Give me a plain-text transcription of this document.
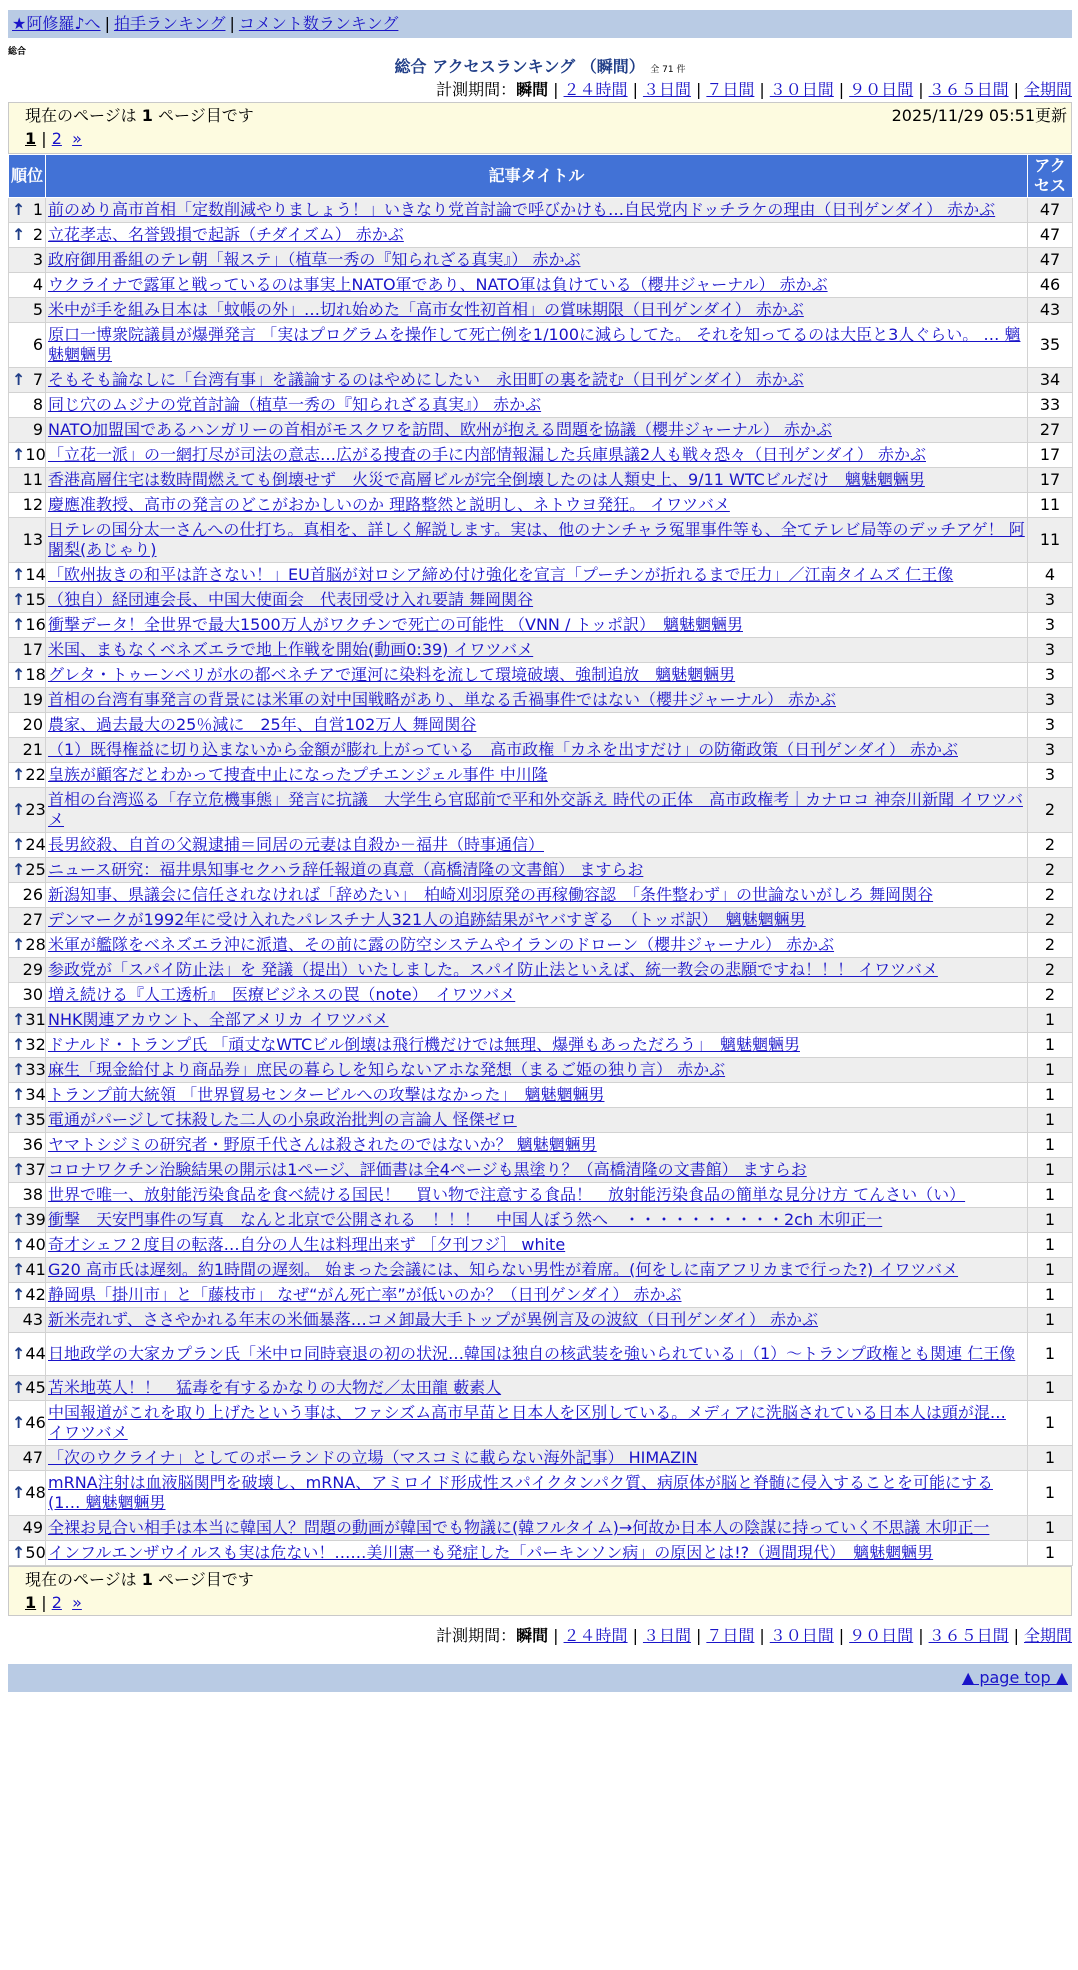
★阿修羅♪へ | 拍手ランキング | コメント数ランキング
総合
総合 アクセスランキング （瞬間） 全 71 件
計測期間：瞬間 | ２４時間 | ３日間 | ７日間 | ３０日間 | ９０日間 | ３６５日間 | 全期間
現在のページは 1 ページ目です	2025/11/29 05:51更新
1 | 2 »
順位	記事タイトル	アクセス

↑ 1	前のめり高市首相「定数削減やりましょう！」いきなり党首討論で呼びかけも…自民党内ドッチラケの理由（日刊ゲンダイ） 赤かぶ	47

↑ 2	立花孝志、名誉毀損で起訴（チダイズム） 赤かぶ	47
3	政府御用番組のテレ朝「報ステ」（植草一秀の『知られざる真実』） 赤かぶ	47
4	ウクライナで露軍と戦っているのは事実上NATO軍であり、NATO軍は負けている（櫻井ジャーナル） 赤かぶ	46
5	米中が手を組み日本は「蚊帳の外」…切れ始めた「高市女性初首相」の賞味期限（日刊ゲンダイ） 赤かぶ	43
6	原口一博衆院議員が爆弾発言 「実はプログラムを操作して死亡例を1/100に減らしてた。 それを知ってるのは大臣と3人ぐらい。 … 魑魅魍魎男	35

↑ 7	そもそも論なしに「台湾有事」を議論するのはやめにしたい　永田町の裏を読む（日刊ゲンダイ） 赤かぶ	34
8	同じ穴のムジナの党首討論（植草一秀の『知られざる真実』） 赤かぶ	33
9	NATO加盟国であるハンガリーの首相がモスクワを訪問、欧州が抱える問題を協議（櫻井ジャーナル） 赤かぶ	27

↑ 10	「立花一派」の一網打尽が司法の意志…広がる捜査の手に内部情報漏した兵庫県議2人も戦々恐々（日刊ゲンダイ） 赤かぶ	17
11	香港高層住宅は数時間燃えても倒壊せず　火災で高層ビルが完全倒壊したのは人類史上、9/11 WTCビルだけ　魑魅魍魎男	17
12	慶應准教授、高市の発言のどこがおかしいのか 理路整然と説明し、ネトウヨ発狂。 イワツバメ	11
13	日テレの国分太一さんへの仕打ち。真相を、詳しく解説します。実は、他のナンチャラ冤罪事件等も、全てテレビ局等のデッチアゲ！ 阿闍梨(あじゃり)	11

↑ 14	「欧州抜きの和平は許さない！」EU首脳が対ロシア締め付け強化を宣言「プーチンが折れるまで圧力」／江南タイムズ 仁王像	4

↑ 15	（独自）経団連会長、中国大使面会　代表団受け入れ要請 舞岡関谷	3

↑ 16	衝撃データ！全世界で最大1500万人がワクチンで死亡の可能性 （VNN / トッポ訳）　魑魅魍魎男	3
17	米国、まもなくベネズエラで地上作戦を開始(動画0:39) イワツバメ	3

↑ 18	グレタ・トゥーンベリが水の都ベネチアで運河に染料を流して環境破壊、強制追放　魑魅魍魎男	3
19	首相の台湾有事発言の背景には米軍の対中国戦略があり、単なる舌禍事件ではない（櫻井ジャーナル） 赤かぶ	3
20	農家、過去最大の25％減に　25年、自営102万人 舞岡関谷	3
21	（1）既得権益に切り込まないから金額が膨れ上がっている　高市政権「カネを出すだけ」の防衛政策（日刊ゲンダイ） 赤かぶ	3

↑ 22	皇族が顧客だとわかって捜査中止になったプチエンジェル事件 中川隆	3

↑ 23	首相の台湾巡る「存立危機事態」発言に抗議　大学生ら官邸前で平和外交訴え 時代の正体　高市政権考｜カナロコ 神奈川新聞 イワツバメ	2

↑ 24	長男絞殺、自首の父親逮捕＝同居の元妻は自殺か－福井（時事通信）	2

↑ 25	ニュース研究：福井県知事セクハラ辞任報道の真意（高橋清隆の文書館） ますらお	2
26	新潟知事、県議会に信任されなければ「辞めたい」　柏崎刈羽原発の再稼働容認　「条件整わず」の世論ないがしろ 舞岡関谷	2
27	デンマークが1992年に受け入れたパレスチナ人321人の追跡結果がヤバすぎる　（トッポ訳）　魑魅魍魎男	2

↑ 28	米軍が艦隊をベネズエラ沖に派遣、その前に露の防空システムやイランのドローン（櫻井ジャーナル） 赤かぶ	2
29	参政党が「スパイ防止法」を 発議（提出）いたしました。スパイ防止法といえば、統一教会の悲願ですね！！！ イワツバメ	2
30	増え続ける『人工透析』　医療ビジネスの罠（note）　イワツバメ	2

↑ 31	NHK関連アカウント、全部アメリカ イワツバメ	1

↑ 32	ドナルド・トランプ氏 「頑丈なWTCビル倒壊は飛行機だけでは無理、爆弾もあっただろう」　魑魅魍魎男	1

↑ 33	麻生「現金給付より商品券」庶民の暮らしを知らないアホな発想（まるご姫の独り言） 赤かぶ	1

↑ 34	トランプ前大統領 「世界貿易センタービルへの攻撃はなかった」　魑魅魍魎男	1

↑ 35	電通がパージして抹殺した二人の小泉政治批判の言論人 怪傑ゼロ	1
36	ヤマトシジミの研究者・野原千代さんは殺されたのではないか？ 魑魅魍魎男	1

↑ 37	コロナワクチン治験結果の開示は1ページ、評価書は全4ページも黒塗り？（高橋清隆の文書館） ますらお	1
38	世界で唯一、放射能汚染食品を食べ続ける国民！　買い物で注意する食品！　放射能汚染食品の簡単な見分け方 てんさい（い）	1

↑ 39	衝撃　天安門事件の写真　なんと北京で公開される　！！！　中国人ぼう然へ　・・・・・・・・・・2ch 木卯正一	1

↑ 40	奇才シェフ２度目の転落…自分の人生は料理出来ず ［夕刊フジ］ white	1

↑ 41	G20 高市氏は遅刻。約1時間の遅刻。 始まった会議には、知らない男性が着席。(何をしに南アフリカまで行った?) イワツバメ	1

↑ 42	静岡県「掛川市」と「藤枝市」 なぜ“がん死亡率”が低いのか？（日刊ゲンダイ） 赤かぶ	1
43	新米売れず、ささやかれる年末の米価暴落…コメ卸最大手トップが異例言及の波紋（日刊ゲンダイ） 赤かぶ	1

↑ 44	日地政学の大家カプラン氏「米中ロ同時衰退の初の状況…韓国は独自の核武装を強いられている」（1）～トランプ政権とも関連 仁王像	1

↑ 45	苫米地英人！！　猛毒を有するかなりの大物だ／太田龍 藪素人	1

↑ 46	中国報道がこれを取り上げたという事は、ファシズム高市早苗と日本人を区別している。メディアに洗脳されている日本人は頭が混… イワツバメ	1
47	「次のウクライナ」としてのポーランドの立場（マスコミに載らない海外記事） HIMAZIN	1

↑ 48	mRNA注射は血液脳関門を破壊し、mRNA、アミロイド形成性スパイクタンパク質、病原体が脳と脊髄に侵入することを可能にする(1… 魑魅魍魎男	1
49	全裸お見合い相手は本当に韓国人？問題の動画が韓国でも物議に(韓フルタイム)→何故か日本人の陰謀に持っていく不思議 木卯正一	1

↑ 50	インフルエンザウイルスも実は危ない！……美川憲一も発症した「パーキンソン病」の原因とは!?（週間現代）　魑魅魍魎男	1
現在のページは 1 ページ目です
1 | 2 »
計測期間：瞬間 | ２４時間 | ３日間 | ７日間 | ３０日間 | ９０日間 | ３６５日間 | 全期間
▲ page top ▲
